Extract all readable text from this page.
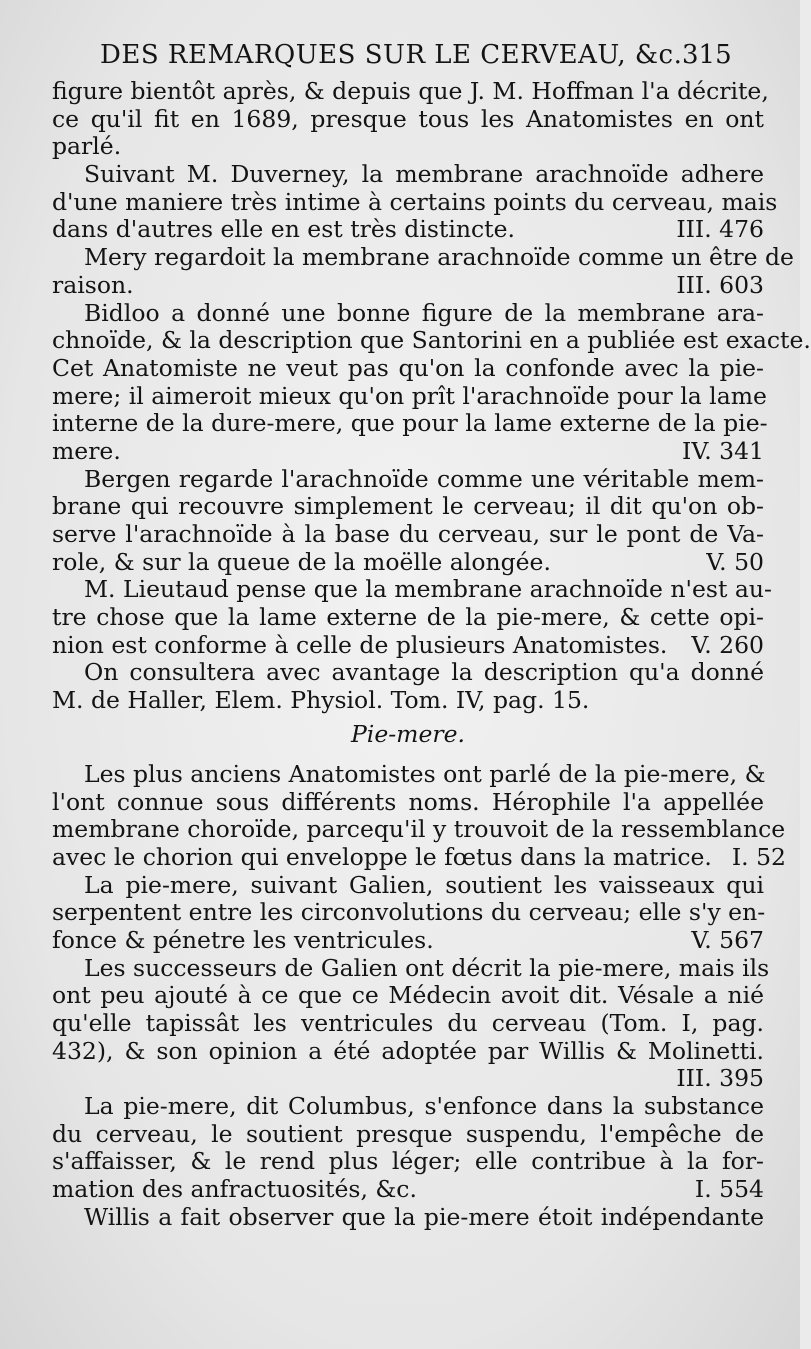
DES REMARQUES SUR LE CERVEAU, &c. 315
figure bientôt après, & depuis que J. M. Hoffman l'a décrite,
ce qu'il fit en 1689, presque tous les Anatomistes en ont
parlé.
Suivant M. Duverney, la membrane arachnoïde adhere
d'une maniere très intime à certains points du cerveau, mais
dans d'autres elle en est très distincte.	III. 476
Mery regardoit la membrane arachnoïde comme un être de
raison.	III. 603
Bidloo a donné une bonne figure de la membrane ara-
chnoïde, & la description que Santorini en a publiée est exacte.
Cet Anatomiste ne veut pas qu'on la confonde avec la pie-
mere; il aimeroit mieux qu'on prît l'arachnoïde pour la lame
interne de la dure-mere, que pour la lame externe de la pie-
mere.	IV. 341
Bergen regarde l'arachnoïde comme une véritable mem-
brane qui recouvre simplement le cerveau; il dit qu'on ob-
serve l'arachnoïde à la base du cerveau, sur le pont de Va-
role, & sur la queue de la moëlle alongée.	V. 50
M. Lieutaud pense que la membrane arachnoïde n'est au-
tre chose que la lame externe de la pie-mere, & cette opi-
nion est conforme à celle de plusieurs Anatomistes.	V. 260
On consultera avec avantage la description qu'a donné
M. de Haller, Elem. Physiol. Tom. IV, pag. 15.
Pie-mere.
Les plus anciens Anatomistes ont parlé de la pie-mere, &
l'ont connue sous différents noms. Hérophile l'a appellée
membrane choroïde, parcequ'il y trouvoit de la ressemblance
avec le chorion qui enveloppe le fœtus dans la matrice. I. 52
La pie-mere, suivant Galien, soutient les vaisseaux qui
serpentent entre les circonvolutions du cerveau; elle s'y en-
fonce & pénetre les ventricules.	V. 567
Les successeurs de Galien ont décrit la pie-mere, mais ils
ont peu ajouté à ce que ce Médecin avoit dit. Vésale a nié
qu'elle tapissât les ventricules du cerveau (Tom. I, pag.
432), & son opinion a été adoptée par Willis & Molinetti.
III. 395
La pie-mere, dit Columbus, s'enfonce dans la substance
du cerveau, le soutient presque suspendu, l'empêche de
s'affaisser, & le rend plus léger; elle contribue à la for-
mation des anfractuosités, &c.	I. 554
Willis a fait observer que la pie-mere étoit indépendante
